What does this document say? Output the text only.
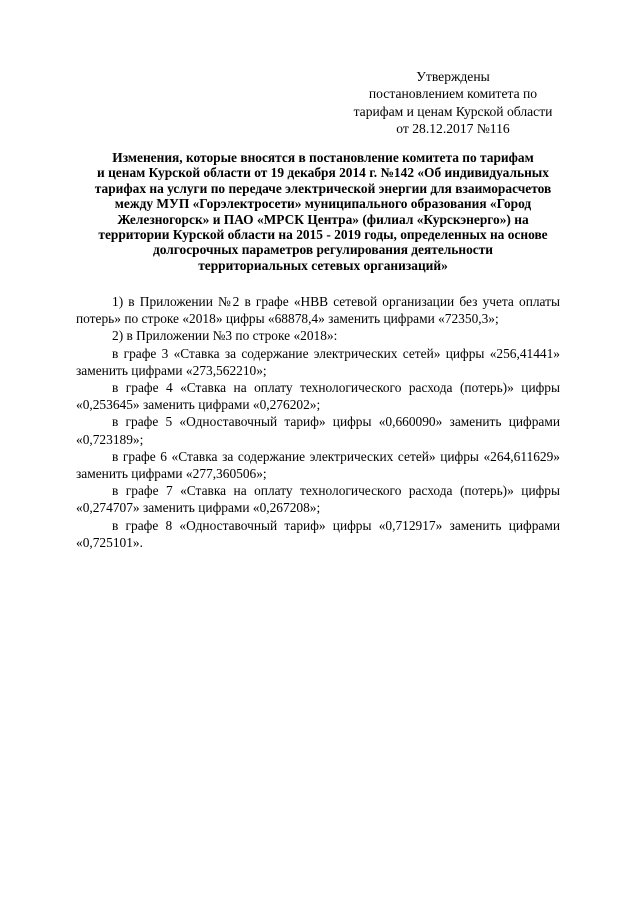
Утверждены
постановлением комитета по
тарифам и ценам Курской области
от 28.12.2017 №116
Изменения, которые вносятся в постановление комитета по тарифам
и ценам Курской области от 19 декабря 2014 г. №142 «Об индивидуальных
тарифах на услуги по передаче электрической энергии для взаиморасчетов
между МУП «Горэлектросети» муниципального образования «Город
Железногорск» и ПАО «МРСК Центра» (филиал «Курскэнерго») на
территории Курской области на 2015 - 2019 годы, определенных на основе
долгосрочных параметров регулирования деятельности
территориальных сетевых организаций»

1) в Приложении №2 в графе «НВВ сетевой организации без учета оплаты потерь» по строке «2018» цифры «68878,4» заменить цифрами «72350,3»;

2) в Приложении №3 по строке «2018»:

в графе 3 «Ставка за содержание электрических сетей» цифры «256,41441» заменить цифрами «273,562210»;

в графе 4 «Ставка на оплату технологического расхода (потерь)» цифры «0,253645» заменить цифрами «0,276202»;

в графе 5 «Одноставочный тариф» цифры «0,660090» заменить цифрами «0,723189»;

в графе 6 «Ставка за содержание электрических сетей» цифры «264,611629» заменить цифрами «277,360506»;

в графе 7 «Ставка на оплату технологического расхода (потерь)» цифры «0,274707» заменить цифрами «0,267208»;

в графе 8 «Одноставочный тариф» цифры «0,712917» заменить цифрами «0,725101».
